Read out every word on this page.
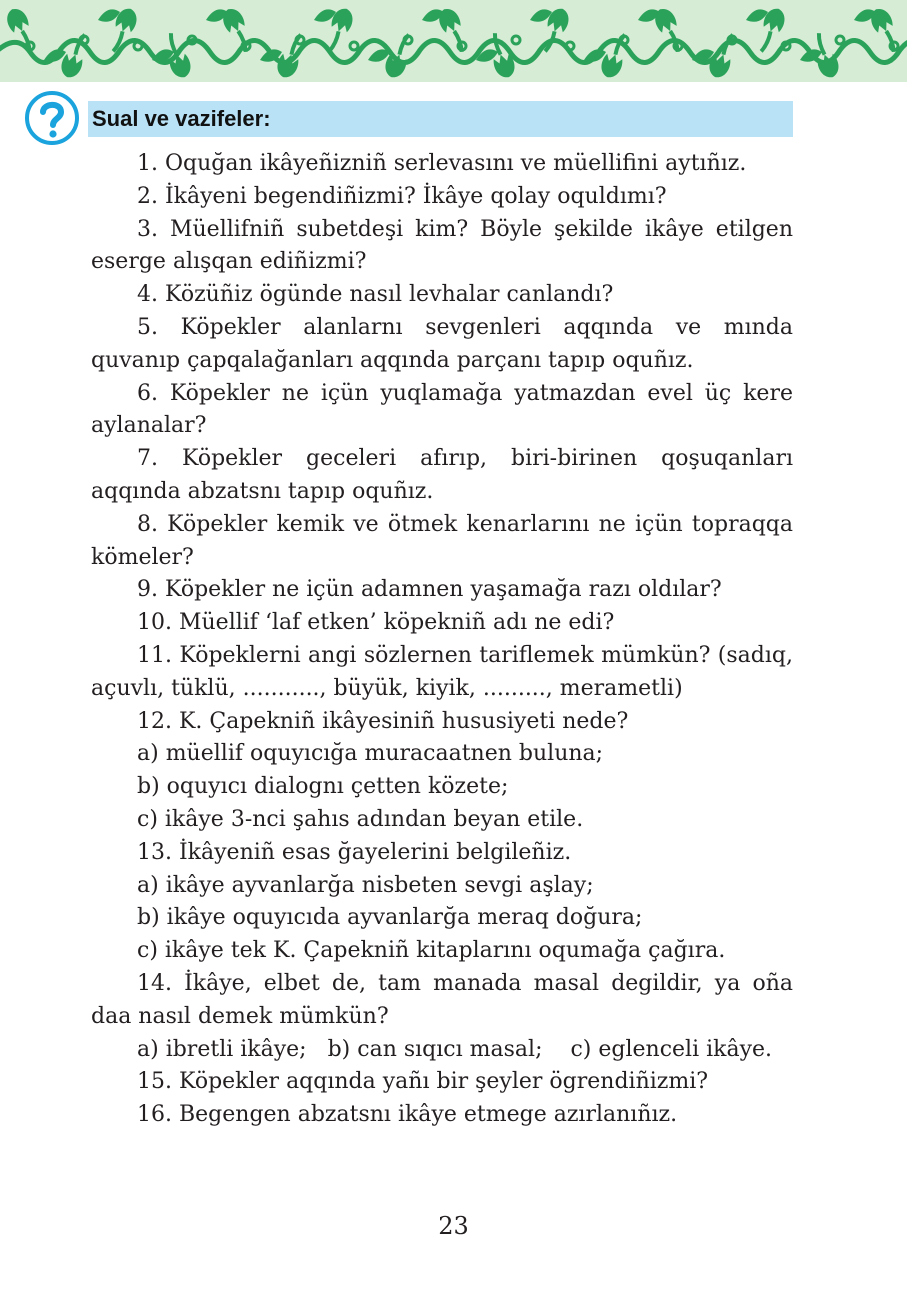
Sual ve vazifeler:

1. Oquğan ikâyeñizniñ serlevasını ve müellifini aytıñız.

2. İkâyeni begendiñizmi? İkâye qolay oquldımı?

3. Müellifniñ subetdeşi kim? Böyle şekilde ikâye etilgen eserge alışqan ediñizmi?

4. Közüñiz ögünde nasıl levhalar canlandı?

5. Köpekler alanlarnı sevgenleri aqqında ve mında quvanıp çapqalağanları aqqında parçanı tapıp oquñız.

6. Köpekler ne içün yuqlamağa yatmazdan evel üç kere aylanalar?

7. Köpekler geceleri afırıp, biri-birinen qoşuqanları aqqında abzatsnı tapıp oquñız.

8. Köpekler kemik ve ötmek kenarlarını ne içün topraqqa kömeler?

9. Köpekler ne içün adamnen yaşamağa razı oldılar?

10. Müellif ‘laf etken’ köpekniñ adı ne edi?

11. Köpeklerni angi sözlernen tariflemek mümkün? (sadıq, açuvlı, tüklü, ..........., büyük, kiyik, ........., merametli)

12. K. Çapekniñ ikâyesiniñ hususiyeti nede?

a) müellif oquyıcığa muracaatnen buluna;

b) oquyıcı dialognı çetten közete;

c) ikâye 3-nci şahıs adından beyan etile.

13. İkâyeniñ esas ğayelerini belgileñiz.

a) ikâye ayvanlarğa nisbeten sevgi aşlay;

b) ikâye oquyıcıda ayvanlarğa meraq doğura;

c) ikâye tek K. Çapekniñ kitaplarını oqumağa çağıra.

14. İkâye, elbet de, tam manada masal degildir, ya oña daa nasıl demek mümkün?

a) ibretli ikâye; b) can sıqıcı masal; c) eglenceli ikâye.

15. Köpekler aqqında yañı bir şeyler ögrendiñizmi?

16. Begengen abzatsnı ikâye etmege azırlanıñız.

23
